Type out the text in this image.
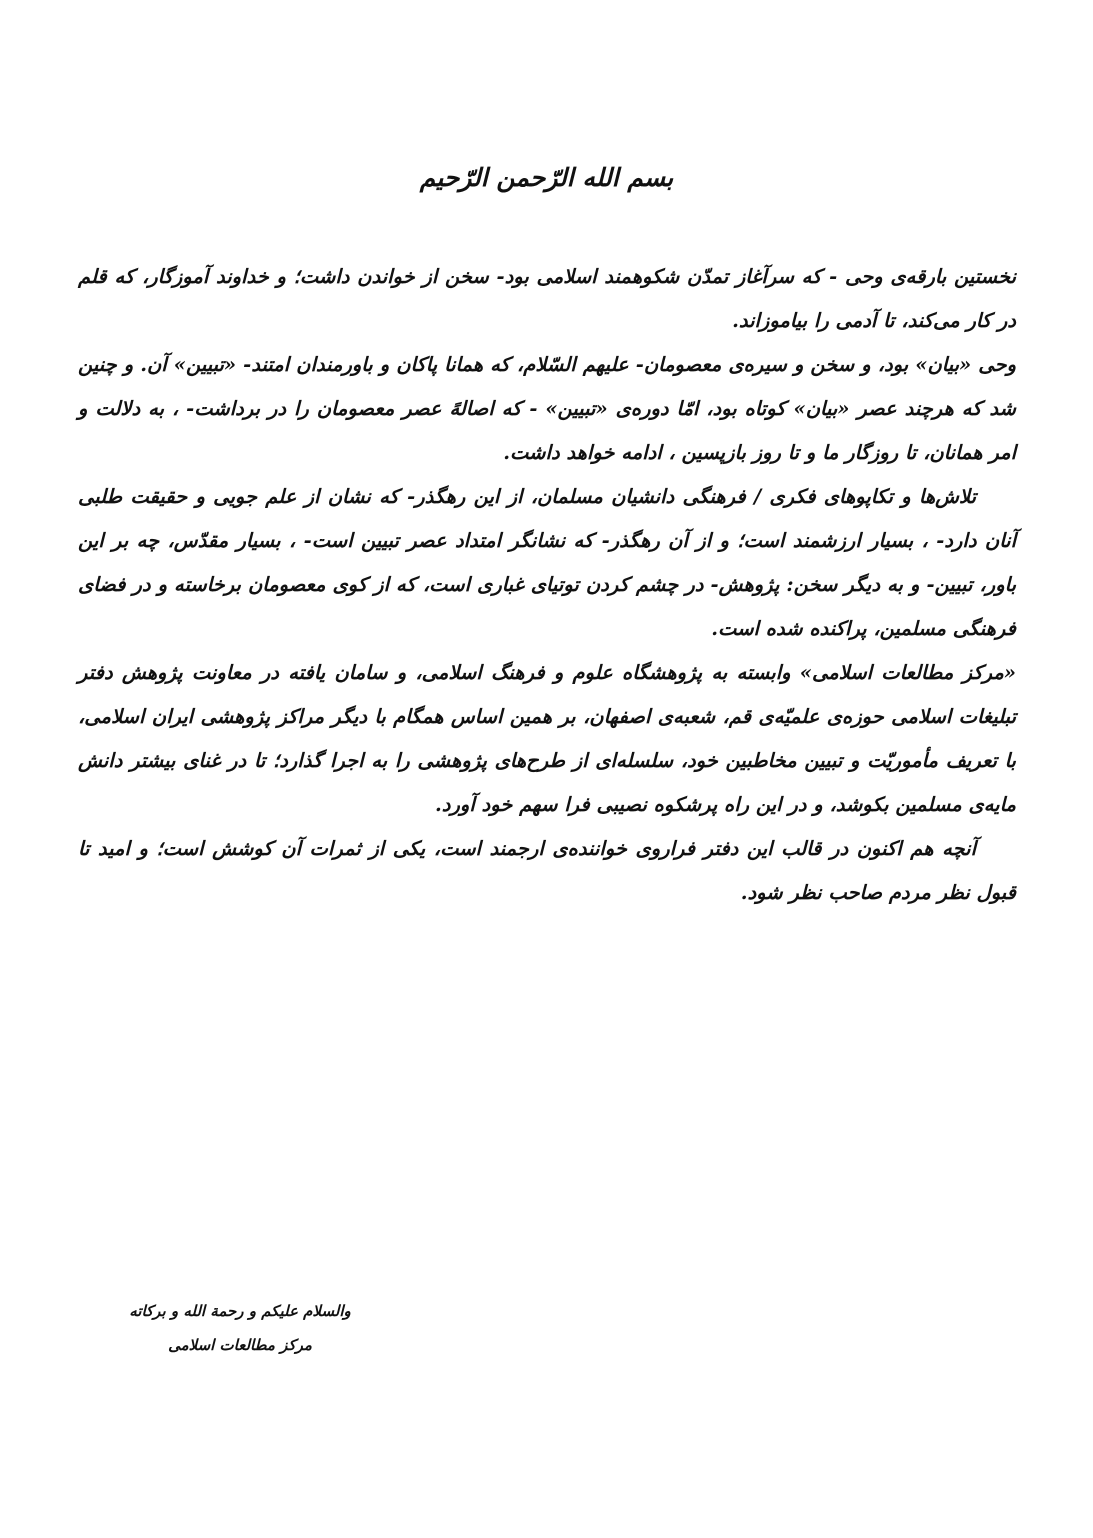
بسم الله الرّحمن الرّحیم

نخستین بارقه‌ی وحی - که سرآغاز تمدّن شکوهمند اسلامی بود- سخن از خواندن داشت؛ و خداوند آموزگار، که قلم در کار می‌کند، تا آدمی را بیاموزاند.

وحی «بیان» بود، و سخن و سیره‌ی معصومان- علیهم السّلام، که همانا پاکان و باورمندان امتند- «تبیین» آن. و چنین شد که هرچند عصر «بیان» کوتاه بود، امّا دوره‌ی «تبیین» - که اصالهً عصر معصومان را در برداشت- ، به دلالت و امر همانان، تا روزگار ما و تا روز بازپسین ، ادامه خواهد داشت.

تلاش‌ها و تکاپوهای فکری / فرهنگی دانشیان مسلمان، از این رهگذر- که نشان از علم جویی و حقیقت طلبی آنان دارد- ، بسیار ارزشمند است؛ و از آن رهگذر- که نشانگر امتداد عصر تبیین است- ، بسیار مقدّس، چه بر این باور، تبیین- و به دیگر سخن: پژوهش- در چشم کردن توتیای غباری است، که از کوی معصومان برخاسته و در فضای فرهنگی مسلمین، پراکنده شده است.

«مرکز مطالعات اسلامی» وابسته به پژوهشگاه علوم و فرهنگ اسلامی، و سامان یافته در معاونت پژوهش دفتر تبلیغات اسلامی حوزه‌ی علمیّه‌ی قم، شعبه‌ی اصفهان، بر همین اساس همگام با دیگر مراکز پژوهشی ایران اسلامی، با تعریف مأموریّت و تبیین مخاطبین خود، سلسله‌ای از طرح‌های پژوهشی را به اجرا گذارد؛ تا در غنای بیشتر دانش مایه‌ی مسلمین بکوشد، و در این راه پرشکوه نصیبی فرا سهم خود آورد.

آنچه هم اکنون در قالب این دفتر فراروی خواننده‌ی ارجمند است، یکی از ثمرات آن کوشش است؛ و امید تا قبول نظر مردم صاحب نظر شود.

والسلام علیکم و رحمة الله و برکاته
مرکز مطالعات اسلامی
